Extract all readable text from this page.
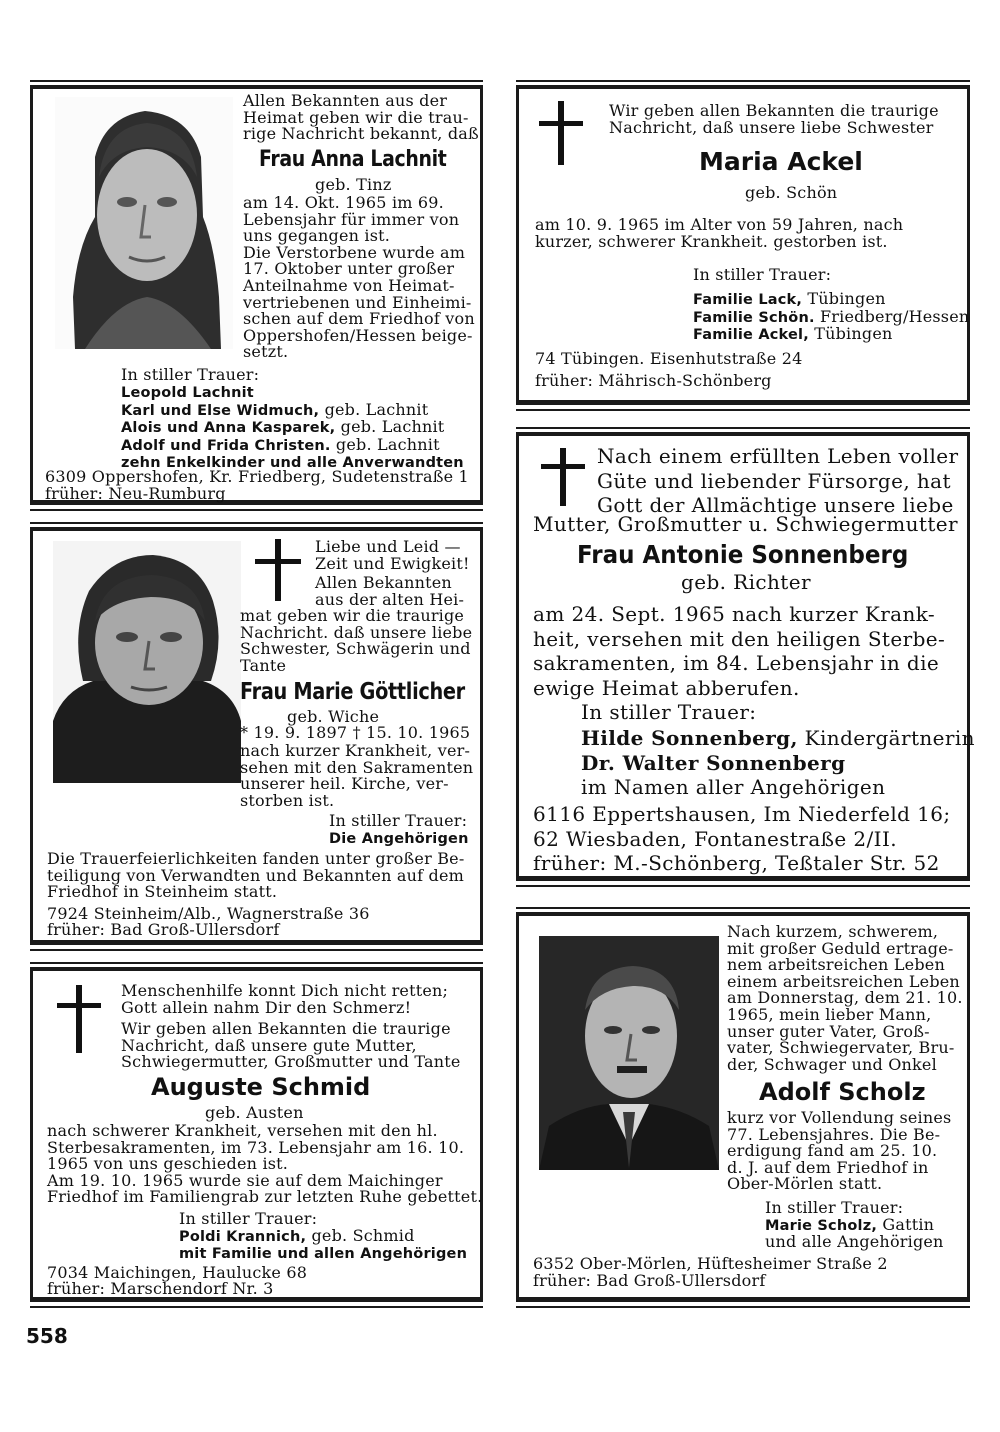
Allen Bekannten aus der
Heimat geben wir die trau-
rige Nachricht bekannt, daß
Frau Anna Lachnit
geb. Tinz
am 14. Okt. 1965 im 69.
Lebensjahr für immer von
uns gegangen ist.
Die Verstorbene wurde am
17. Oktober unter großer
Anteilnahme von Heimat-
vertriebenen und Einheimi-
schen auf dem Friedhof von
Oppershofen/Hessen beige-
setzt.
In stiller Trauer:
Leopold Lachnit
Karl und Else Widmuch, geb. Lachnit
Alois und Anna Kasparek, geb. Lachnit
Adolf und Frida Christen. geb. Lachnit
zehn Enkelkinder und alle Anverwandten
6309 Oppershofen, Kr. Friedberg, Sudetenstraße 1
früher: Neu-Rumburg
Wir geben allen Bekannten die traurige
Nachricht, daß unsere liebe Schwester
Maria Ackel
geb. Schön
am 10. 9. 1965 im Alter von 59 Jahren, nach
kurzer, schwerer Krankheit. gestorben ist.
In stiller Trauer:
Familie Lack, Tübingen
Familie Schön. Friedberg/Hessen
Familie Ackel, Tübingen
74 Tübingen. Eisenhutstraße 24
früher: Mährisch-Schönberg
Liebe und Leid —
Zeit und Ewigkeit!
Allen Bekannten
aus der alten Hei-
mat geben wir die traurige
Nachricht. daß unsere liebe
Schwester, Schwägerin und
Tante
Frau Marie Göttlicher
geb. Wiche
* 19. 9. 1897 † 15. 10. 1965
nach kurzer Krankheit, ver-
sehen mit den Sakramenten
unserer heil. Kirche, ver-
storben ist.
In stiller Trauer:
Die Angehörigen
Die Trauerfeierlichkeiten fanden unter großer Be-
teiligung von Verwandten und Bekannten auf dem
Friedhof in Steinheim statt.
7924 Steinheim/Alb., Wagnerstraße 36
früher: Bad Groß-Ullersdorf
Nach einem erfüllten Leben voller
Güte und liebender Fürsorge, hat
Gott der Allmächtige unsere liebe
Mutter, Großmutter u. Schwiegermutter
Frau Antonie Sonnenberg
geb. Richter
am 24. Sept. 1965 nach kurzer Krank-
heit, versehen mit den heiligen Sterbe-
sakramenten, im 84. Lebensjahr in die
ewige Heimat abberufen.
In stiller Trauer:
Hilde Sonnenberg, Kindergärtnerin
Dr. Walter Sonnenberg
im Namen aller Angehörigen
6116 Eppertshausen, Im Niederfeld 16;
62 Wiesbaden, Fontanestraße 2/II.
früher: M.-Schönberg, Teßtaler Str. 52
Menschenhilfe konnt Dich nicht retten;
Gott allein nahm Dir den Schmerz!
Wir geben allen Bekannten die traurige
Nachricht, daß unsere gute Mutter,
Schwiegermutter, Großmutter und Tante
Auguste Schmid
geb. Austen
nach schwerer Krankheit, versehen mit den hl.
Sterbesakramenten, im 73. Lebensjahr am 16. 10.
1965 von uns geschieden ist.
Am 19. 10. 1965 wurde sie auf dem Maichinger
Friedhof im Familiengrab zur letzten Ruhe gebettet.
In stiller Trauer:
Poldi Krannich, geb. Schmid
mit Familie und allen Angehörigen
7034 Maichingen, Haulucke 68
früher: Marschendorf Nr. 3
Nach kurzem, schwerem,
mit großer Geduld ertrage-
nem arbeitsreichen Leben
einem arbeitsreichen Leben
am Donnerstag, dem 21. 10.
1965, mein lieber Mann,
unser guter Vater, Groß-
vater, Schwiegervater, Bru-
der, Schwager und Onkel
Adolf Scholz
kurz vor Vollendung seines
77. Lebensjahres. Die Be-
erdigung fand am 25. 10.
d. J. auf dem Friedhof in
Ober-Mörlen statt.
In stiller Trauer:
Marie Scholz, Gattin
und alle Angehörigen
6352 Ober-Mörlen, Hüftesheimer Straße 2
früher: Bad Groß-Ullersdorf
558
